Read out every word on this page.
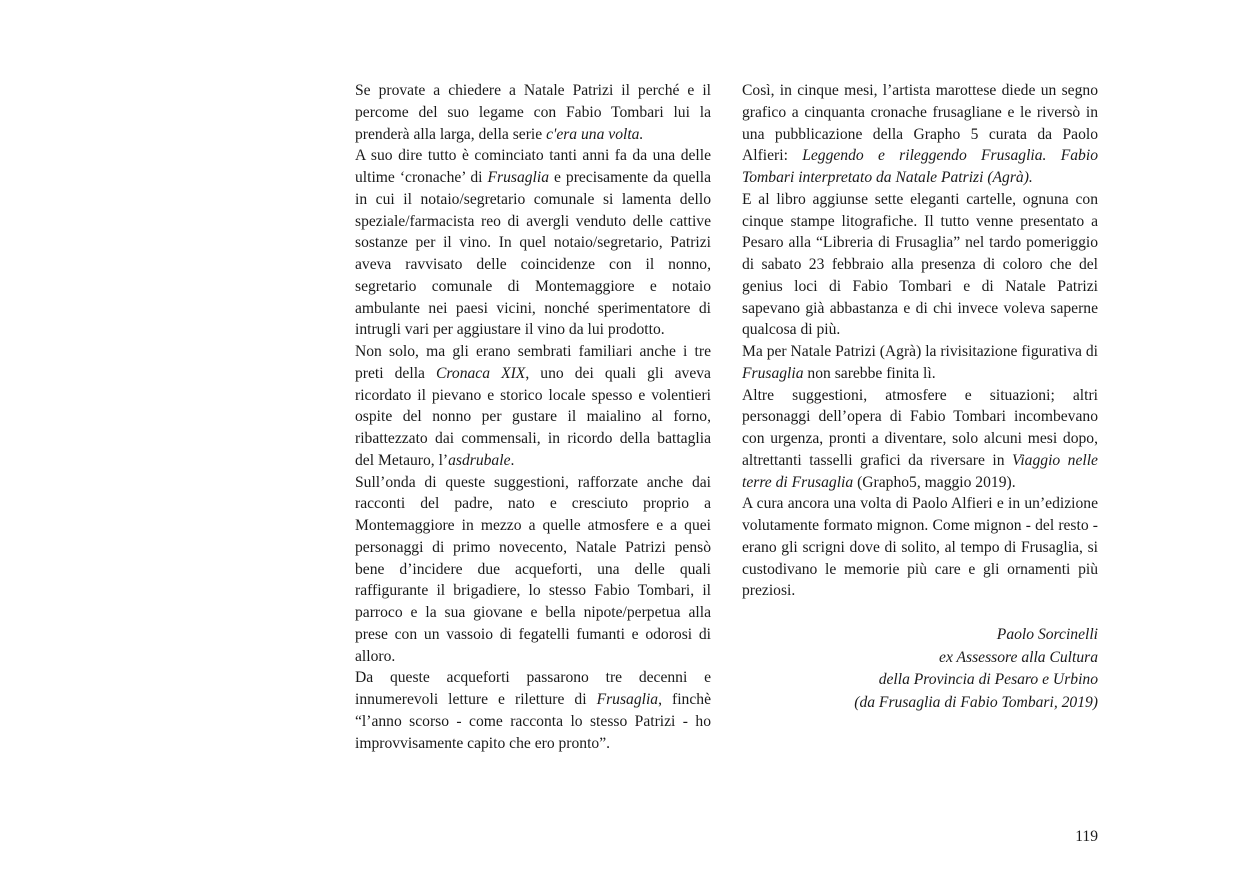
Se provate a chiedere a Natale Patrizi il perché e il percome del suo legame con Fabio Tombari lui la prenderà alla larga, della serie c'era una volta.

A suo dire tutto è cominciato tanti anni fa da una delle ultime ‘cronache’ di Frusaglia e precisamente da quella in cui il notaio/segretario comunale si lamenta dello speziale/farmacista reo di avergli venduto delle cattive sostanze per il vino. In quel notaio/segretario, Patrizi aveva ravvisato delle coincidenze con il nonno, segretario comunale di Montemaggiore e notaio ambulante nei paesi vicini, nonché sperimentatore di intrugli vari per aggiustare il vino da lui prodotto.

Non solo, ma gli erano sembrati familiari anche i tre preti della Cronaca XIX, uno dei quali gli aveva ricordato il pievano e storico locale spesso e volentieri ospite del nonno per gustare il maialino al forno, ribattezzato dai commensali, in ricordo della battaglia del Metauro, l’asdrubale.

Sull’onda di queste suggestioni, rafforzate anche dai racconti del padre, nato e cresciuto proprio a Montemaggiore in mezzo a quelle atmosfere e a quei personaggi di primo novecento, Natale Patrizi pensò bene d’incidere due acqueforti, una delle quali raffigurante il brigadiere, lo stesso Fabio Tombari, il parroco e la sua giovane e bella nipote/perpetua alla prese con un vassoio di fegatelli fumanti e odorosi di alloro.

Da queste acqueforti passarono tre decenni e innumerevoli letture e riletture di Frusaglia, finchè “l’anno scorso - come racconta lo stesso Patrizi - ho improvvisamente capito che ero pronto”.

Così, in cinque mesi, l’artista marottese diede un segno grafico a cinquanta cronache frusagliane e le riversò in una pubblicazione della Grapho 5 curata da Paolo Alfieri: Leggendo e rileggendo Frusaglia. Fabio Tombari interpretato da Natale Patrizi (Agrà).

E al libro aggiunse sette eleganti cartelle, ognuna con cinque stampe litografiche. Il tutto venne presentato a Pesaro alla “Libreria di Frusaglia” nel tardo pomeriggio di sabato 23 febbraio alla presenza di coloro che del genius loci di Fabio Tombari e di Natale Patrizi sapevano già abbastanza e di chi invece voleva saperne qualcosa di più.

Ma per Natale Patrizi (Agrà) la rivisitazione figurativa di Frusaglia non sarebbe finita lì.

Altre suggestioni, atmosfere e situazioni; altri personaggi dell’opera di Fabio Tombari incombevano con urgenza, pronti a diventare, solo alcuni mesi dopo, altrettanti tasselli grafici da riversare in Viaggio nelle terre di Frusaglia (Grapho5, maggio 2019).

A cura ancora una volta di Paolo Alfieri e in un’edizione volutamente formato mignon. Come mignon - del resto - erano gli scrigni dove di solito, al tempo di Frusaglia, si custodivano le memorie più care e gli ornamenti più preziosi.

Paolo Sorcinelli
ex Assessore alla Cultura
della Provincia di Pesaro e Urbino
(da Frusaglia di Fabio Tombari, 2019)
119
